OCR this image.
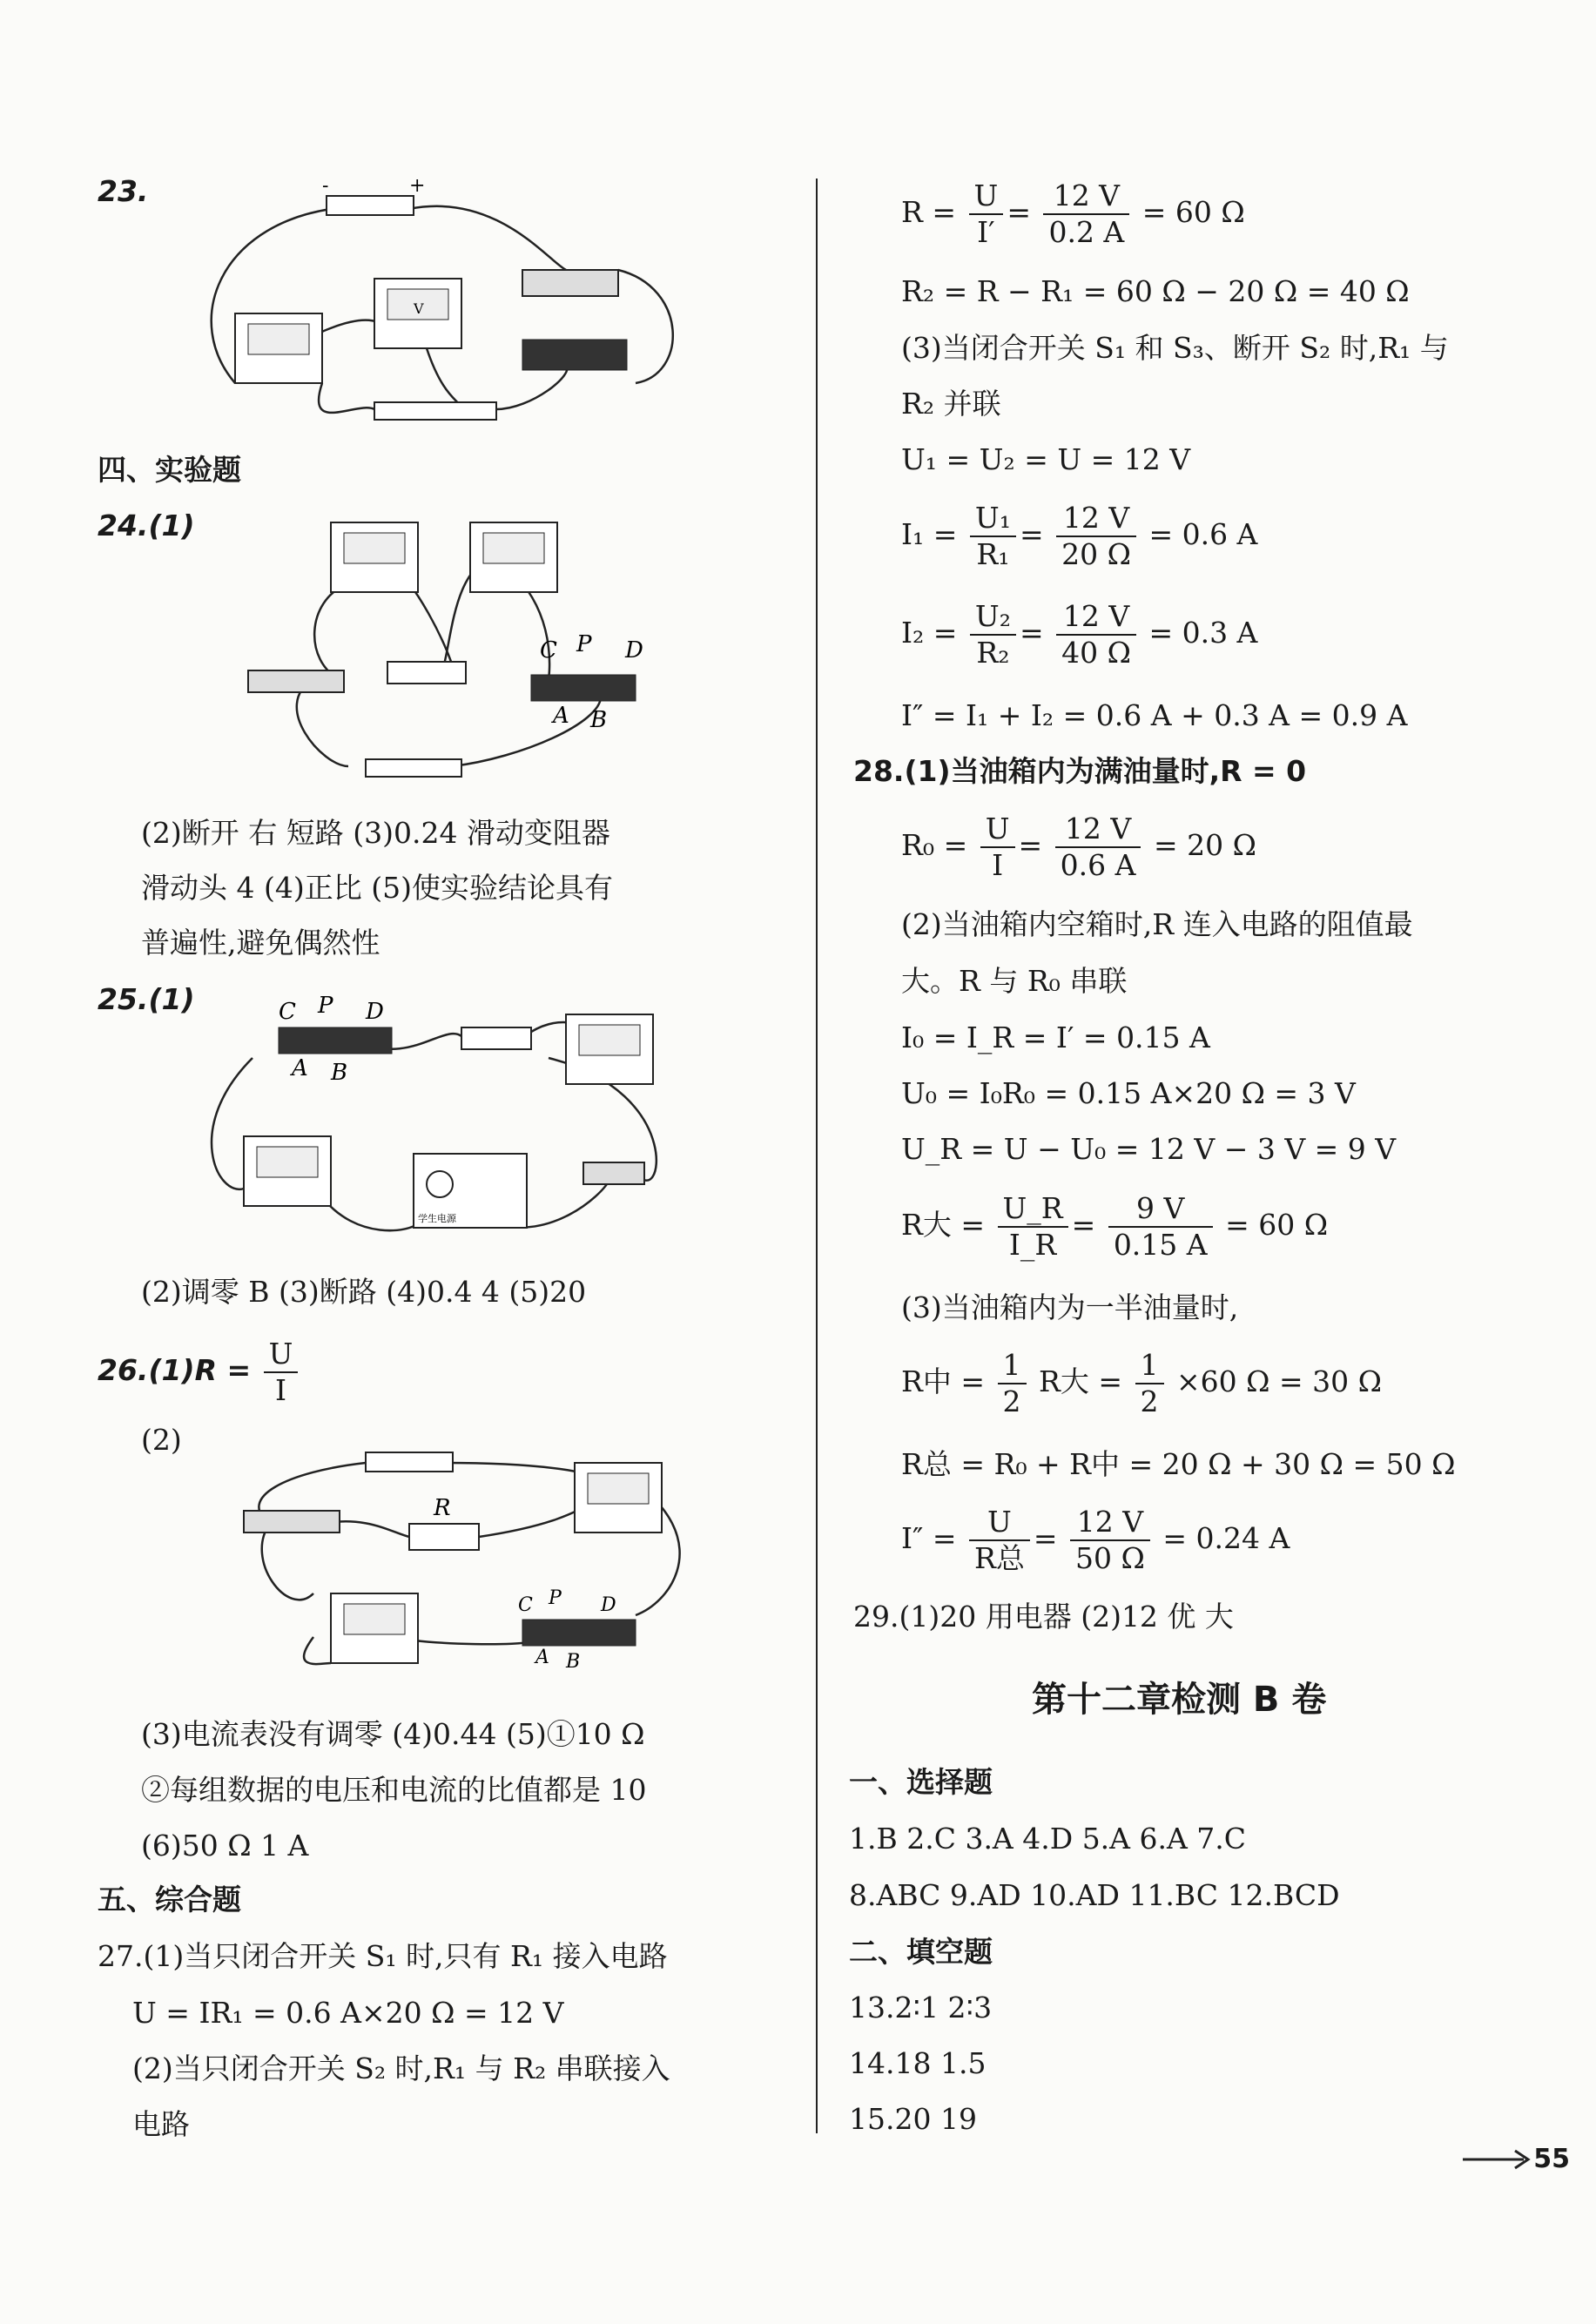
23.	-	+
V
四、实验题
24.(1)
C P D
A B
(2)断开 右 短路 (3)0.24 滑动变阻器
滑动头 4 (4)正比 (5)使实验结论具有
普遍性,避免偶然性
25.(1)
学生电源
C P D
A B
(2)调零 B (3)断路 (4)0.4 4 (5)20
$26.(1)R = \frac{U}{I}$
(2)
R
C P D
A B
(3)电流表没有调零 (4)0.44 (5)①10 Ω
②每组数据的电压和电流的比值都是 10
(6)50 Ω 1 A
五、综合题
27.(1)当只闭合开关 S₁ 时,只有 R₁ 接入电路
U = IR₁ = 0.6 A×20 Ω = 12 V
(2)当只闭合开关 S₂ 时,R₁ 与 R₂ 串联接入
电路
$R = \frac{U}{I'} = \frac{12 V}{0.2 A} = 60$ Ω
R₂ = R − R₁ = 60 Ω − 20 Ω = 40 Ω
(3)当闭合开关 S₁ 和 S₃、断开 S₂ 时,R₁ 与
R₂ 并联
U₁ = U₂ = U = 12 V
$I_1 = \frac{\text{U₁}}{\text{R₁}} = \frac{12 V}{20 \Omega} = 0.6$ A
$I_2 = \frac{\text{U₂}}{\text{R₂}} = \frac{12 V}{40 \Omega} = 0.3$ A
I″ = I₁ + I₂ = 0.6 A + 0.3 A = 0.9 A
28.(1)当油箱内为满油量时,R = 0
$R_0 = \frac{U}{I} = \frac{12 V}{0.6 A} = 20$ Ω
(2)当油箱内空箱时,R 连入电路的阻值最
大。R 与 R₀ 串联
I₀ = I_R = I′ = 0.15 A
U₀ = I₀R₀ = 0.15 A×20 Ω = 3 V
U_R = U − U₀ = 12 V − 3 V = 9 V
R大 = $\frac{U\_R}{I\_R} = \frac{9 V}{0.15 A} = 60$ Ω
(3)当油箱内为一半油量时,
R中 = $\frac{1}{2}$ R大 = $\frac{1}{2} \times 60$ Ω = 30 Ω
R总 = R₀ + R中 = 20 Ω + 30 Ω = 50 Ω
$I'' = \frac{U}{\text{R总}} = \frac{12 V}{50 \Omega} = 0.24$ A
29.(1)20 用电器 (2)12 优 大
第十二章检测 B 卷
一、选择题
1.B 2.C 3.A 4.D 5.A 6.A 7.C
8.ABC 9.AD 10.AD 11.BC 12.BCD
二、填空题
13.2∶1 2∶3
14.18 1.5
15.20 19
55
